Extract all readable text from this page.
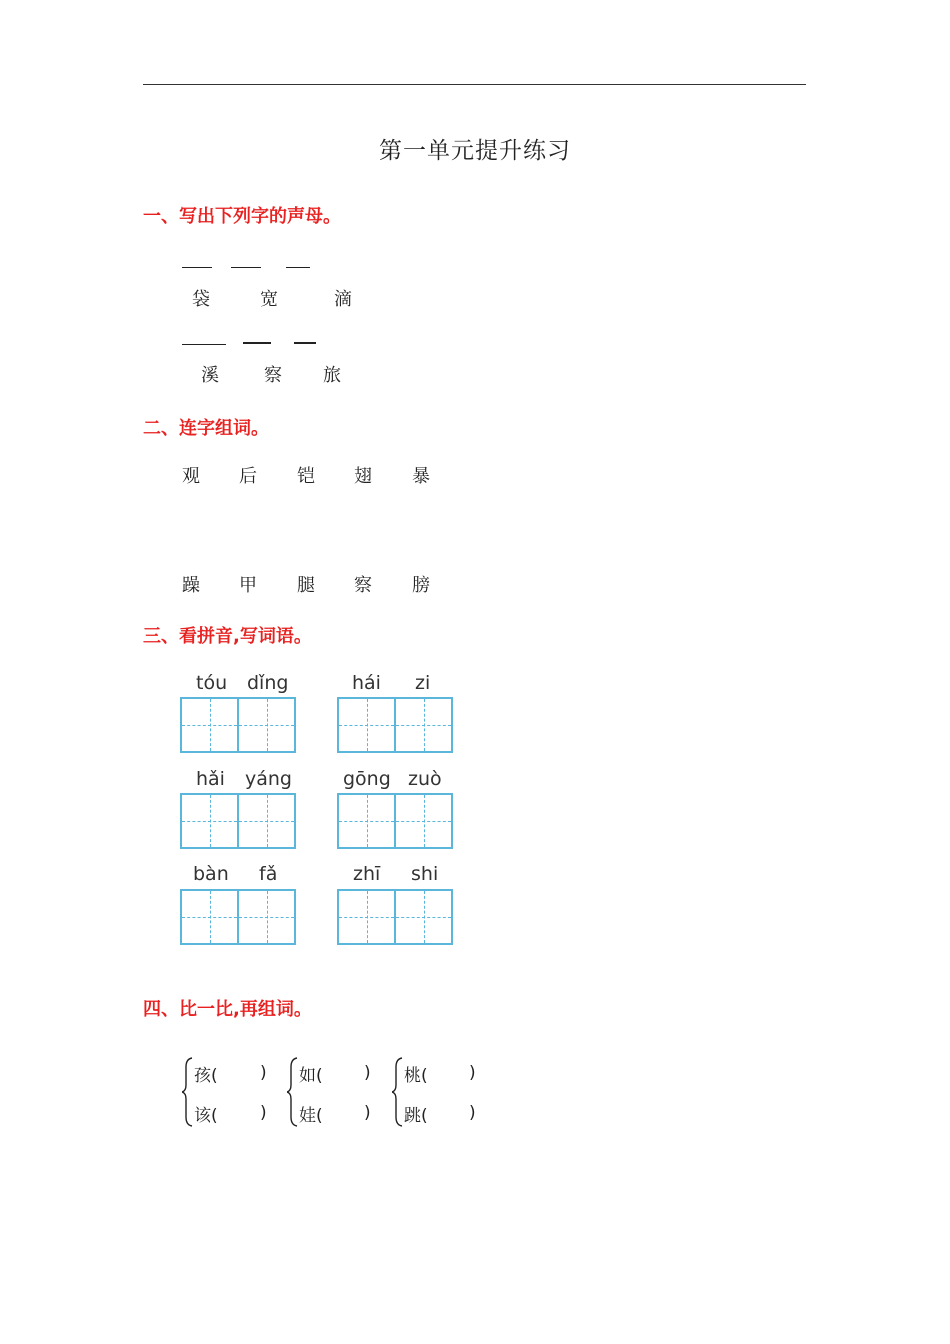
第一单元提升练习
一、写出下列字的声母。
袋	宽	滴
溪	察 旅
二、连字组词。
观 后 铠 翅 暴
躁 甲 腿 察 膀
三、看拼音,写词语。
tóu dǐng	hái zi
hǎi yáng	gōng zuò
bàn fǎ	zhī shi
四、比一比,再组词。
孩( )
该( )
如( )
娃( )
桃( )
跳( )
